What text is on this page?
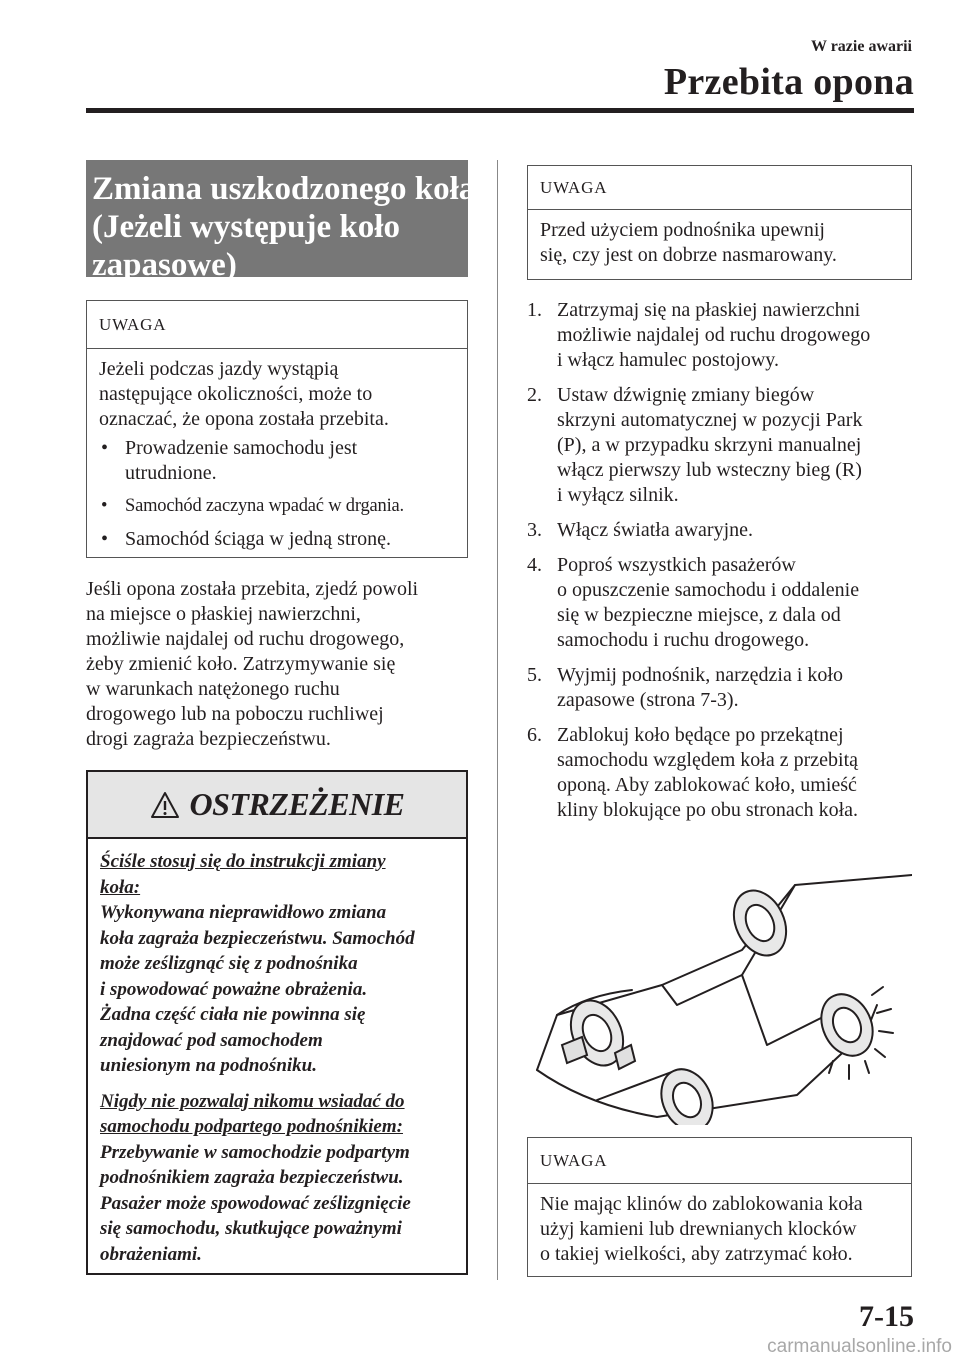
W razie awarii
Przebita opona
Zmiana uszkodzonego koła
(Jeżeli występuje koło
zapasowe)
UWAGA
Jeżeli podczas jazdy wystąpią
następujące okoliczności, może to
oznaczać, że opona została przebita.
• Prowadzenie samochodu jest
utrudnione.
• Samochód zaczyna wpadać w drgania.
• Samochód ściąga w jedną stronę.
Jeśli opona została przebita, zjedź powoli
na miejsce o płaskiej nawierzchni,
możliwie najdalej od ruchu drogowego,
żeby zmienić koło. Zatrzymywanie się
w warunkach natężonego ruchu
drogowego lub na poboczu ruchliwej
drogi zagraża bezpieczeństwu.
OSTRZEŻENIE
Ściśle stosuj się do instrukcji zmiany
koła:
Wykonywana nieprawidłowo zmiana
koła zagraża bezpieczeństwu. Samochód
może ześlizgnąć się z podnośnika
i spowodować poważne obrażenia.
Żadna część ciała nie powinna się
znajdować pod samochodem
uniesionym na podnośniku.
Nigdy nie pozwalaj nikomu wsiadać do
samochodu podpartego podnośnikiem:
Przebywanie w samochodzie podpartym
podnośnikiem zagraża bezpieczeństwu.
Pasażer może spowodować ześlizgnięcie
się samochodu, skutkujące poważnymi
obrażeniami.
UWAGA
Przed użyciem podnośnika upewnij
się, czy jest on dobrze nasmarowany.
1. Zatrzymaj się na płaskiej nawierzchni
możliwie najdalej od ruchu drogowego
i włącz hamulec postojowy.
2. Ustaw dźwignię zmiany biegów
skrzyni automatycznej w pozycji Park
(P), a w przypadku skrzyni manualnej
włącz pierwszy lub wsteczny bieg (R)
i wyłącz silnik.
3. Włącz światła awaryjne.
4. Poproś wszystkich pasażerów
o opuszczenie samochodu i oddalenie
się w bezpieczne miejsce, z dala od
samochodu i ruchu drogowego.
5. Wyjmij podnośnik, narzędzia i koło
zapasowe (strona 7-3).
6. Zablokuj koło będące po przekątnej
samochodu względem koła z przebitą
oponą. Aby zablokować koło, umieść
kliny blokujące po obu stronach koła.
UWAGA
Nie mając klinów do zablokowania koła
użyj kamieni lub drewnianych klocków
o takiej wielkości, aby zatrzymać koło.
7-15
carmanualsonline.info
